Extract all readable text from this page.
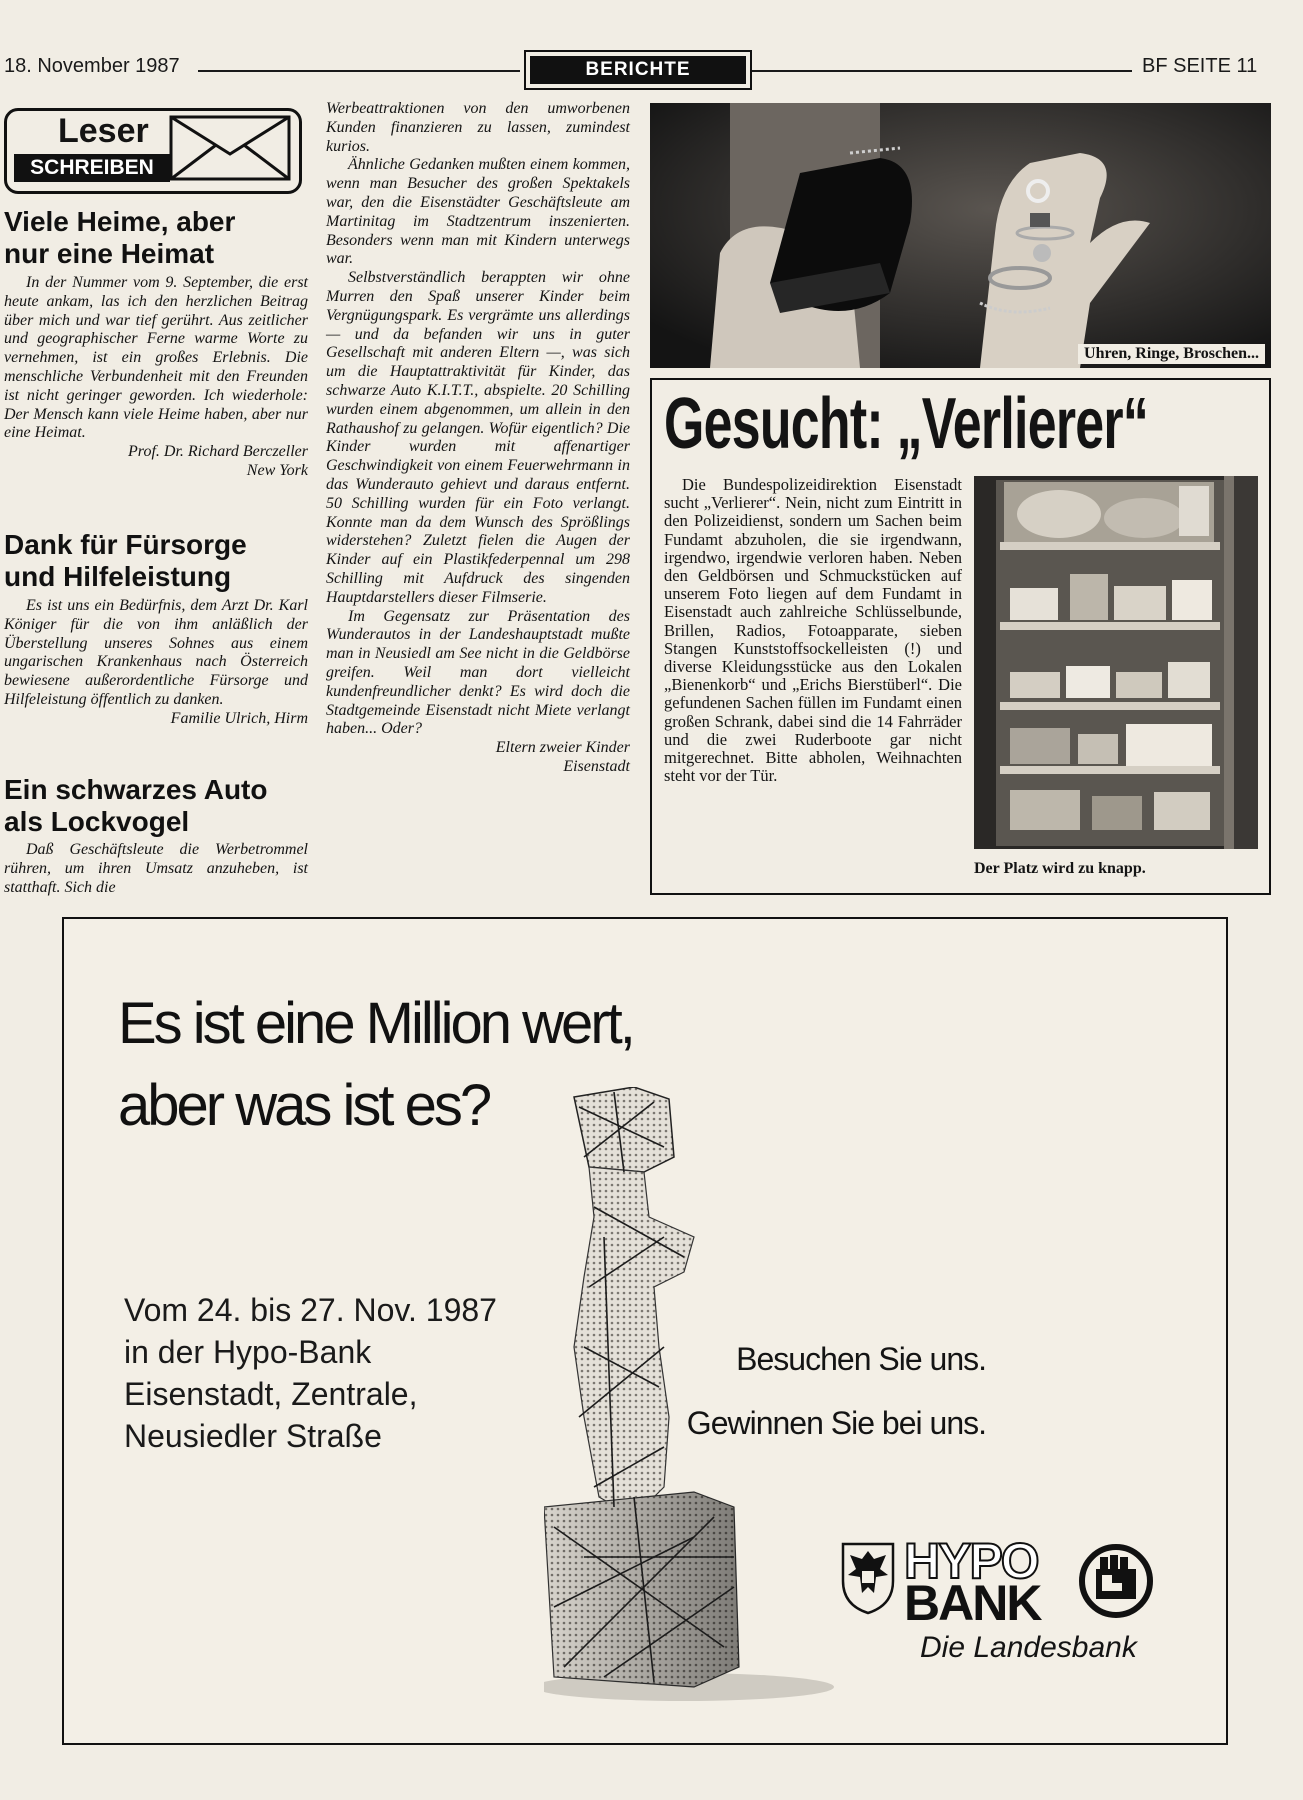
18. November 1987	BERICHTE	BF SEITE 11
Leser
SCHREIBEN
Viele Heime, aber
nur eine Heimat

In der Nummer vom 9. September, die erst heute ankam, las ich den herzlichen Beitrag über mich und war tief gerührt. Aus zeitlicher und geographischer Ferne warme Worte zu vernehmen, ist ein großes Erlebnis. Die menschliche Verbundenheit mit den Freunden ist nicht geringer geworden. Ich wiederhole: Der Mensch kann viele Heime haben, aber nur eine Heimat.

Prof. Dr. Richard Berczeller

New York

Dank für Fürsorge
und Hilfeleistung

Es ist uns ein Bedürfnis, dem Arzt Dr. Karl Königer für die von ihm anläßlich der Überstellung unseres Sohnes aus einem ungarischen Krankenhaus nach Österreich bewiesene außerordentliche Fürsorge und Hilfeleistung öffentlich zu danken.

Familie Ulrich, Hirm

Ein schwarzes Auto
als Lockvogel

Daß Geschäftsleute die Werbetrommel rühren, um ihren Umsatz anzuheben, ist statthaft. Sich die

Werbeattraktionen von den umworbenen Kunden finanzieren zu lassen, zumindest kurios.

Ähnliche Gedanken mußten einem kommen, wenn man Besucher des großen Spektakels war, den die Eisenstädter Geschäftsleute am Martinitag im Stadtzentrum inszenierten. Besonders wenn man mit Kindern unterwegs war.

Selbstverständlich berappten wir ohne Murren den Spaß unserer Kinder beim Vergnügungspark. Es vergrämte uns allerdings — und da befanden wir uns in guter Gesellschaft mit anderen Eltern —, was sich um die Hauptattraktivität für Kinder, das schwarze Auto K.I.T.T., abspielte. 20 Schilling wurden einem abgenommen, um allein in den Rathaushof zu gelangen. Wofür eigentlich? Die Kinder wurden mit affenartiger Geschwindigkeit von einem Feuerwehrmann in das Wunderauto gehievt und daraus entfernt. 50 Schilling wurden für ein Foto verlangt. Konnte man da dem Wunsch des Sprößlings widerstehen? Zuletzt fielen die Augen der Kinder auf ein Plastikfederpennal um 298 Schilling mit Aufdruck des singenden Hauptdarstellers dieser Filmserie.

Im Gegensatz zur Präsentation des Wunderautos in der Landeshauptstadt mußte man in Neusiedl am See nicht in die Geldbörse greifen. Weil man dort vielleicht kundenfreundlicher denkt? Es wird doch die Stadtgemeinde Eisenstadt nicht Miete verlangt haben... Oder?

Eltern zweier Kinder

Eisenstadt

Uhren, Ringe, Broschen...
Gesucht: „Verlierer“

Die Bundespolizeidirektion Eisenstadt sucht „Verlierer“. Nein, nicht zum Eintritt in den Polizeidienst, sondern um Sachen beim Fundamt abzuholen, die sie irgendwann, irgendwo, irgendwie verloren haben. Neben den Geldbörsen und Schmuckstücken auf unserem Foto liegen auf dem Fundamt in Eisenstadt auch zahlreiche Schlüsselbunde, Brillen, Radios, Fotoapparate, sieben Stangen Kunststoffsockelleisten (!) und diverse Kleidungsstücke aus den Lokalen „Bienenkorb“ und „Erichs Bierstüberl“. Die gefundenen Sachen füllen im Fundamt einen großen Schrank, dabei sind die 14 Fahrräder und die zwei Ruderboote gar nicht mitgerechnet. Bitte abholen, Weihnachten steht vor der Tür.

Der Platz wird zu knapp.
Es ist eine Million wert,
aber was ist es?
Vom 24. bis 27. Nov. 1987
in der Hypo-Bank
Eisenstadt, Zentrale,
Neusiedler Straße
Besuchen Sie uns.
Gewinnen Sie bei uns.
HYPO
BANK
Die Landesbank
